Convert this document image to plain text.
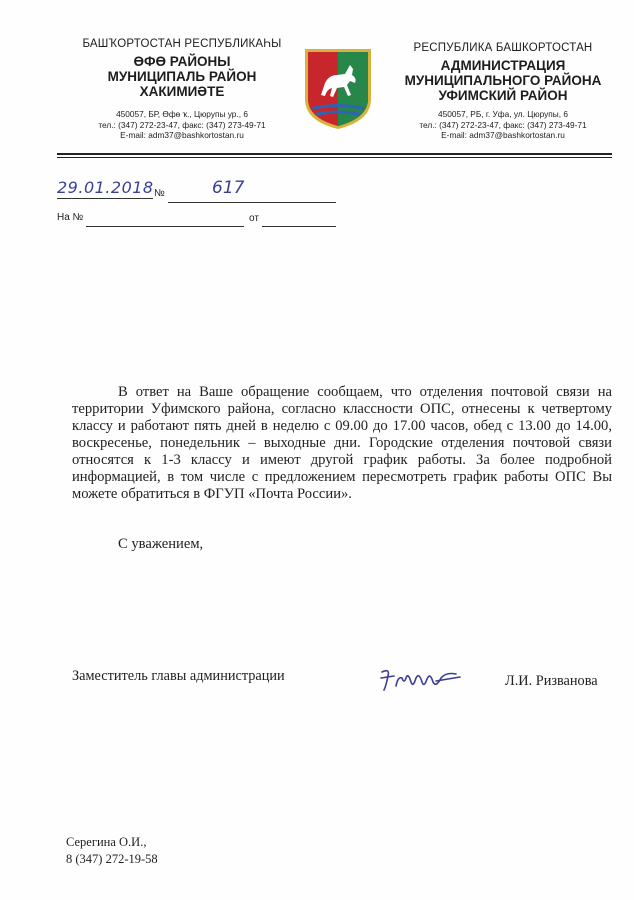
БАШҠОРТОСТАН РЕСПУБЛИКАҺЫ
ӨФӨ РАЙОНЫ
МУНИЦИПАЛЬ РАЙОН
ХАКИМИӘТЕ
450057, БР, Өфө ҡ., Цюрупы ур., 6
тел.: (347) 272-23-47, факс: (347) 273-49-71
E-mail: adm37@bashkortostan.ru
РЕСПУБЛИКА БАШКОРТОСТАН
АДМИНИСТРАЦИЯ
МУНИЦИПАЛЬНОГО РАЙОНА
УФИМСКИЙ РАЙОН
450057, РБ, г. Уфа, ул. Цюрупы, 6
тел.: (347) 272-23-47, факс: (347) 273-49-71
E-mail: adm37@bashkortostan.ru
29.01.2018 №	617
На №	от

В ответ на Ваше обращение сообщаем, что отделения почтовой связи на территории Уфимского района, согласно классности ОПС, отнесены к четвертому классу и работают пять дней в неделю с 09.00 до 17.00 часов, обед с 13.00 до 14.00, воскресенье, понедельник – выходные дни. Городские отделения почтовой связи относятся к 1-3 классу и имеют другой график работы. За более подробной информацией, в том числе с предложением пересмотреть график работы ОПС Вы можете обратиться в ФГУП «Почта России».

С уважением,
Заместитель главы администрации	Л.И. Ризванова
Серегина О.И.,
8 (347) 272-19-58
